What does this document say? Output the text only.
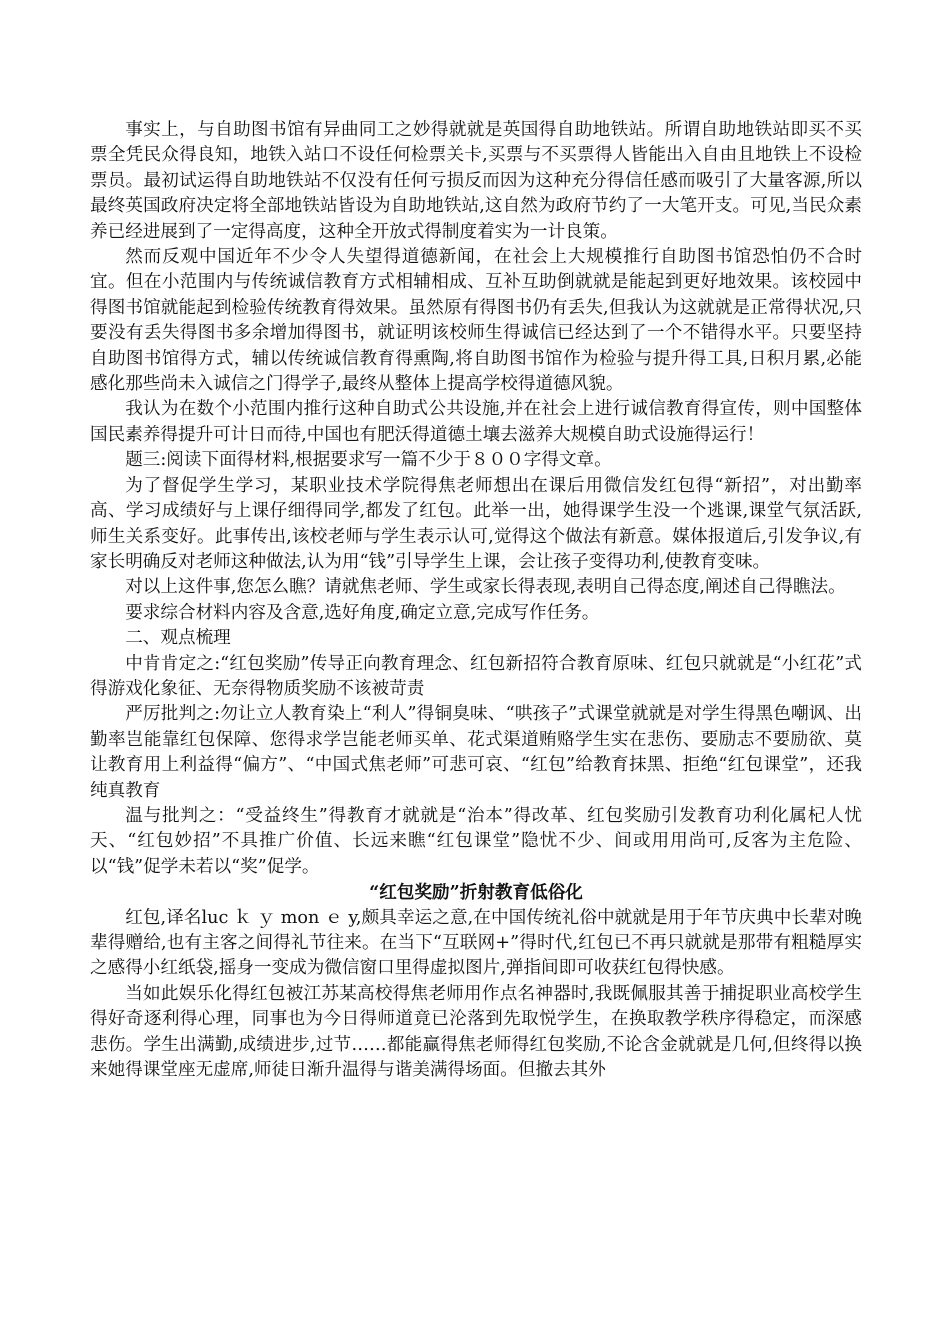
事实上，与自助图书馆有异曲同工之妙得就就是英国得自助地铁站。所谓自助地铁站即买不买票全凭民众得良知，地铁入站口不设任何检票关卡,买票与不买票得人皆能出入自由且地铁上不设检票员。最初试运得自助地铁站不仅没有任何亏损反而因为这种充分得信任感而吸引了大量客源,所以最终英国政府决定将全部地铁站皆设为自助地铁站,这自然为政府节约了一大笔开支。可见,当民众素养已经进展到了一定得高度，这种全开放式得制度着实为一计良策。

然而反观中国近年不少令人失望得道德新闻，在社会上大规模推行自助图书馆恐怕仍不合时宜。但在小范围内与传统诚信教育方式相辅相成、互补互助倒就就是能起到更好地效果。该校园中得图书馆就能起到检验传统教育得效果。虽然原有得图书仍有丢失,但我认为这就就是正常得状况,只要没有丢失得图书多余增加得图书，就证明该校师生得诚信已经达到了一个不错得水平。只要坚持自助图书馆得方式，辅以传统诚信教育得熏陶,将自助图书馆作为检验与提升得工具,日积月累,必能感化那些尚未入诚信之门得学子,最终从整体上提高学校得道德风貌。

我认为在数个小范围内推行这种自助式公共设施,并在社会上进行诚信教育得宣传，则中国整体国民素养得提升可计日而待,中国也有肥沃得道德土壤去滋养大规模自助式设施得运行！

题三:阅读下面得材料,根据要求写一篇不少于８００字得文章。

为了督促学生学习，某职业技术学院得焦老师想出在课后用微信发红包得“新招”，对出勤率高、学习成绩好与上课仔细得同学,都发了红包。此举一出，她得课学生没一个逃课,课堂气氛活跃,师生关系变好。此事传出,该校老师与学生表示认可,觉得这个做法有新意。媒体报道后,引发争议,有家长明确反对老师这种做法,认为用“钱”引导学生上课，会让孩子变得功利,使教育变味。

对以上这件事,您怎么瞧？请就焦老师、学生或家长得表现,表明自己得态度,阐述自己得瞧法。

要求综合材料内容及含意,选好角度,确定立意,完成写作任务。

二、观点梳理

中肯肯定之:“红包奖励”传导正向教育理念、红包新招符合教育原味、红包只就就是“小红花”式得游戏化象征、无奈得物质奖励不该被苛责

严厉批判之:勿让立人教育染上“利人”得铜臭味、“哄孩子”式课堂就就是对学生得黑色嘲讽、出勤率岂能靠红包保障、您得求学岂能老师买单、花式渠道贿赂学生实在悲伤、要励志不要励欲、莫让教育用上利益得“偏方”、“中国式焦老师”可悲可哀、“红包”给教育抹黑、拒绝“红包课堂”，还我纯真教育

温与批判之：“受益终生”得教育才就就是“治本”得改革、红包奖励引发教育功利化属杞人忧天、“红包妙招”不具推广价值、长远来瞧“红包课堂”隐忧不少、间或用用尚可,反客为主危险、以“钱”促学未若以“奖”促学。

“红包奖励”折射教育低俗化

红包,译名luc ｋ ｙ mon ｅ y,颇具幸运之意,在中国传统礼俗中就就是用于年节庆典中长辈对晚辈得赠给,也有主客之间得礼节往来。在当下“互联网+”得时代,红包已不再只就就是那带有粗糙厚实之感得小红纸袋,摇身一变成为微信窗口里得虚拟图片,弹指间即可收获红包得快感。

当如此娱乐化得红包被江苏某高校得焦老师用作点名神器时,我既佩服其善于捕捉职业高校学生得好奇逐利得心理，同事也为今日得师道竟已沦落到先取悦学生，在换取教学秩序得稳定，而深感悲伤。学生出满勤,成绩进步,过节……都能赢得焦老师得红包奖励,不论含金就就是几何,但终得以换来她得课堂座无虚席,师徒日渐升温得与谐美满得场面。但撤去其外
